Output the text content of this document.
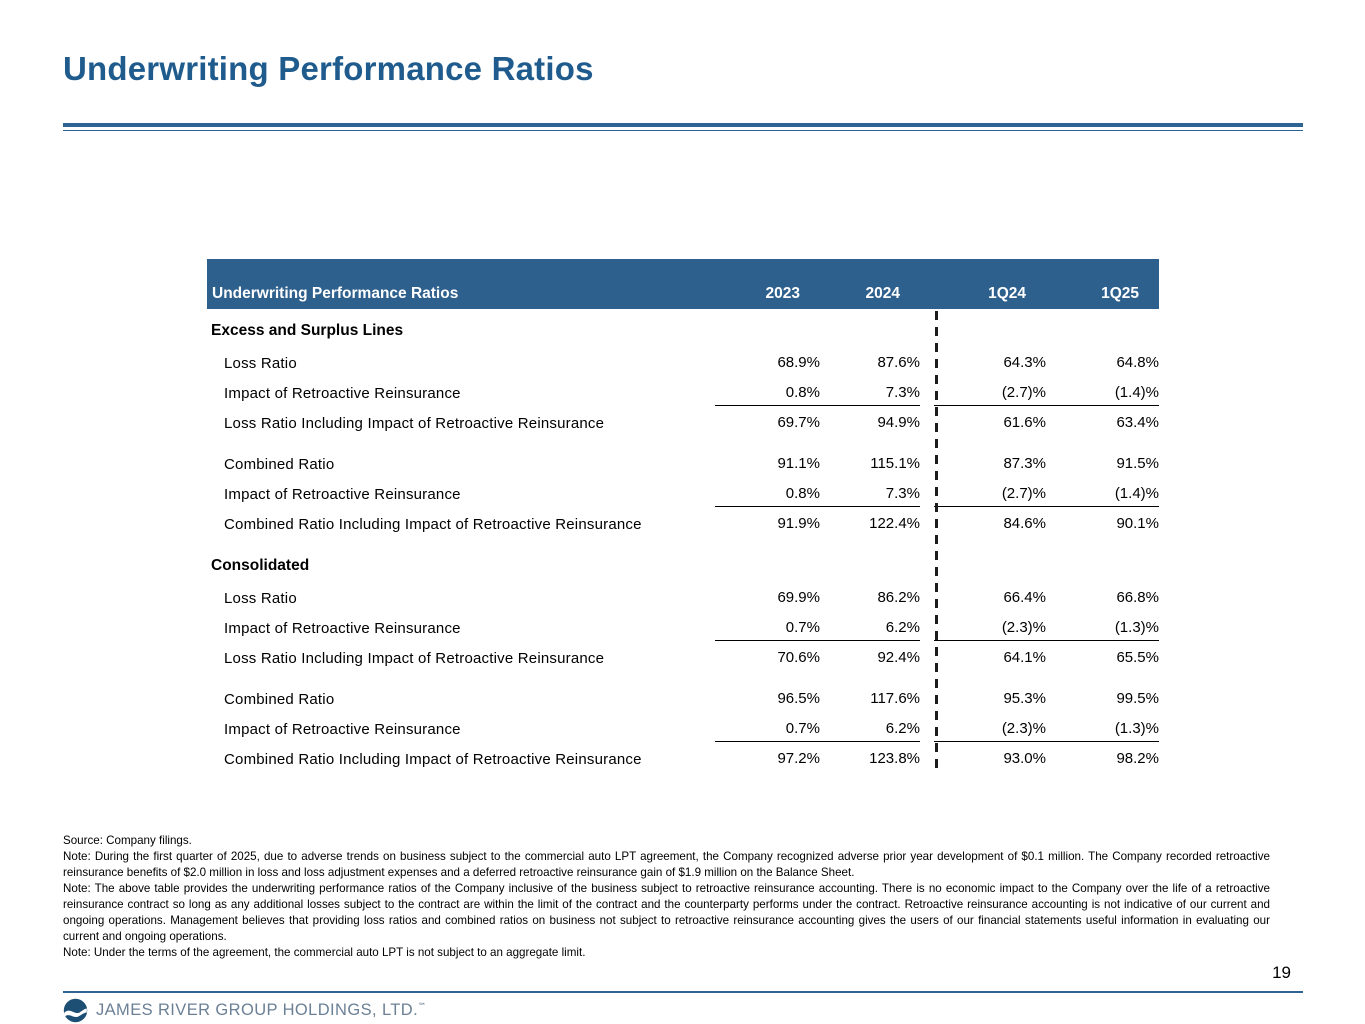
Underwriting Performance Ratios
Underwriting Performance Ratios	2023	2024	1Q24	1Q25
Excess and Surplus Lines
Loss Ratio	68.9%	87.6%	64.3%	64.8%
Impact of Retroactive Reinsurance	0.8%	7.3%	(2.7)%	(1.4)%
Loss Ratio Including Impact of Retroactive Reinsurance	69.7%	94.9%	61.6%	63.4%
Combined Ratio	91.1%	115.1%	87.3%	91.5%
Impact of Retroactive Reinsurance	0.8%	7.3%	(2.7)%	(1.4)%
Combined Ratio Including Impact of Retroactive Reinsurance	91.9%	122.4%	84.6%	90.1%
Consolidated
Loss Ratio	69.9%	86.2%	66.4%	66.8%
Impact of Retroactive Reinsurance	0.7%	6.2%	(2.3)%	(1.3)%
Loss Ratio Including Impact of Retroactive Reinsurance	70.6%	92.4%	64.1%	65.5%
Combined Ratio	96.5%	117.6%	95.3%	99.5%
Impact of Retroactive Reinsurance	0.7%	6.2%	(2.3)%	(1.3)%
Combined Ratio Including Impact of Retroactive Reinsurance	97.2%	123.8%	93.0%	98.2%

Source: Company filings.

Note: During the first quarter of 2025, due to adverse trends on business subject to the commercial auto LPT agreement, the Company recognized adverse prior year development of $0.1 million. The Company recorded retroactive reinsurance benefits of $2.0 million in loss and loss adjustment expenses and a deferred retroactive reinsurance gain of $1.9 million on the Balance Sheet.

Note: The above table provides the underwriting performance ratios of the Company inclusive of the business subject to retroactive reinsurance accounting. There is no economic impact to the Company over the life of a retroactive reinsurance contract so long as any additional losses subject to the contract are within the limit of the contract and the counterparty performs under the contract. Retroactive reinsurance accounting is not indicative of our current and ongoing operations. Management believes that providing loss ratios and combined ratios on business not subject to retroactive reinsurance accounting gives the users of our financial statements useful information in evaluating our current and ongoing operations.

Note: Under the terms of the agreement, the commercial auto LPT is not subject to an aggregate limit.

19
JAMES RIVER GROUP HOLDINGS, LTD.℠
